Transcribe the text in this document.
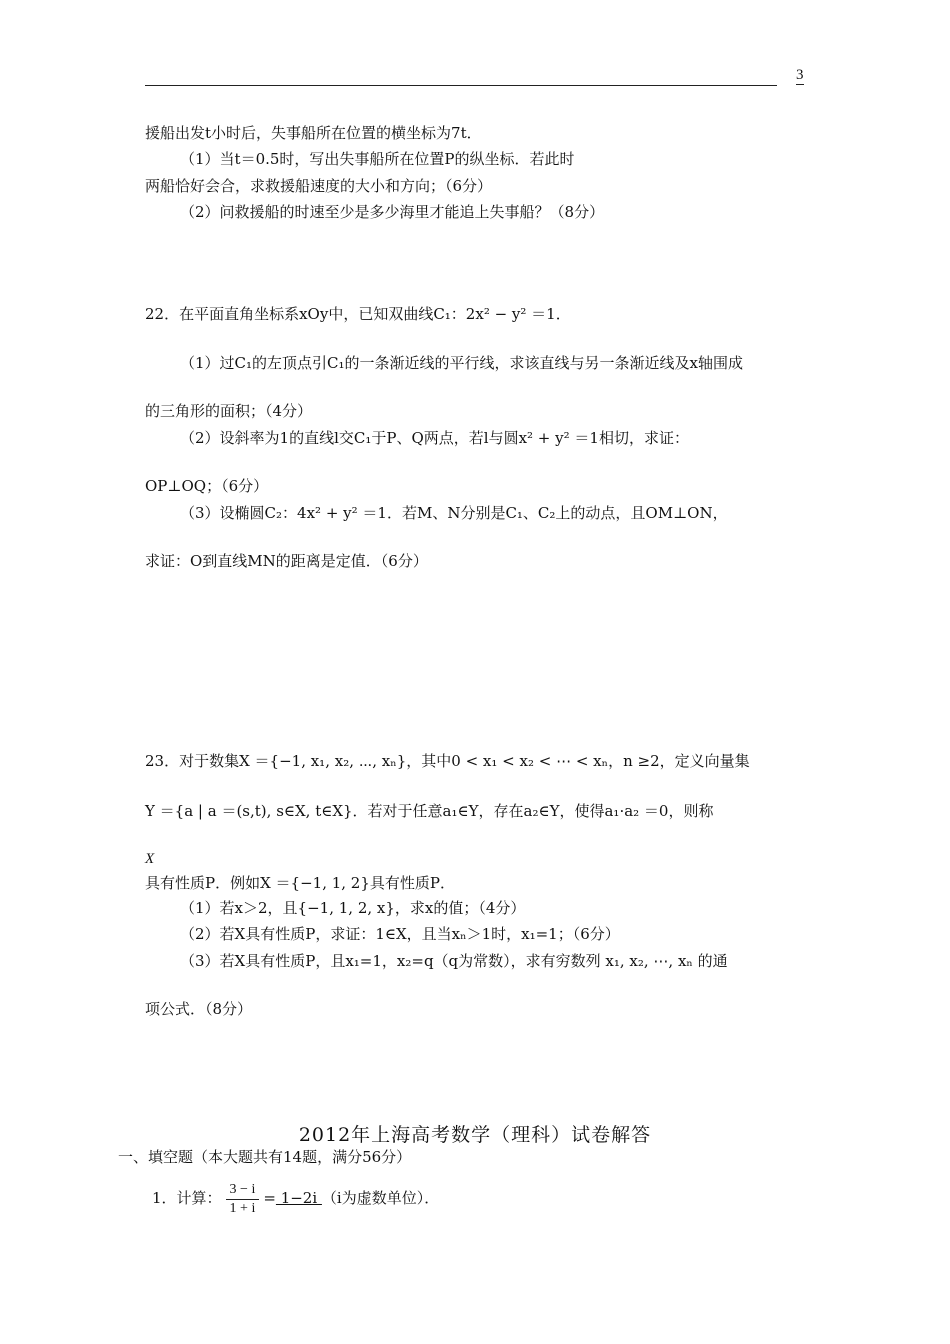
3
援船出发t小时后，失事船所在位置的横坐标为7t．
（1）当t＝0.5时，写出失事船所在位置P的纵坐标．若此时
两船恰好会合，求救援船速度的大小和方向；（6分）
（2）问救援船的时速至少是多少海里才能追上失事船？（8分）
22．在平面直角坐标系xOy中，已知双曲线C₁：2x² − y² ＝1．
（1）过C₁的左顶点引C₁的一条渐近线的平行线，求该直线与另一条渐近线及x轴围成
的三角形的面积；（4分）
（2）设斜率为1的直线l交C₁于P、Q两点，若l与圆x² + y² ＝1相切，求证：
OP⊥OQ；（6分）
（3）设椭圆C₂：4x² + y² ＝1．若M、N分别是C₁、C₂上的动点，且OM⊥ON，
求证：O到直线MN的距离是定值．（6分）
23．对于数集X ＝{−1, x₁, x₂, ⋯, xₙ}，其中0 < x₁ < x₂ < ⋯ < xₙ，n ≥2，定义向量集
Y ＝{a | a ＝(s,t), s∈X, t∈X}．若对于任意a₁∈Y，存在a₂∈Y，使得a₁·a₂ ＝0，则称
X
具有性质P．例如X ＝{−1, 1, 2}具有性质P．
（1）若x＞2，且{−1, 1, 2, x}，求x的值；（4分）
（2）若X具有性质P，求证：1∈X，且当xₙ＞1时，x₁=1；（6分）
（3）若X具有性质P，且x₁=1，x₂=q（q为常数），求有穷数列 x₁, x₂, ⋯, xₙ 的通
项公式．（8分）
2012年上海高考数学（理科）试卷解答
一、填空题（本大题共有14题，满分56分）
1．计算： $\frac{3 - i}{1 + i} = 1-2i$ （i为虚数单位）．
